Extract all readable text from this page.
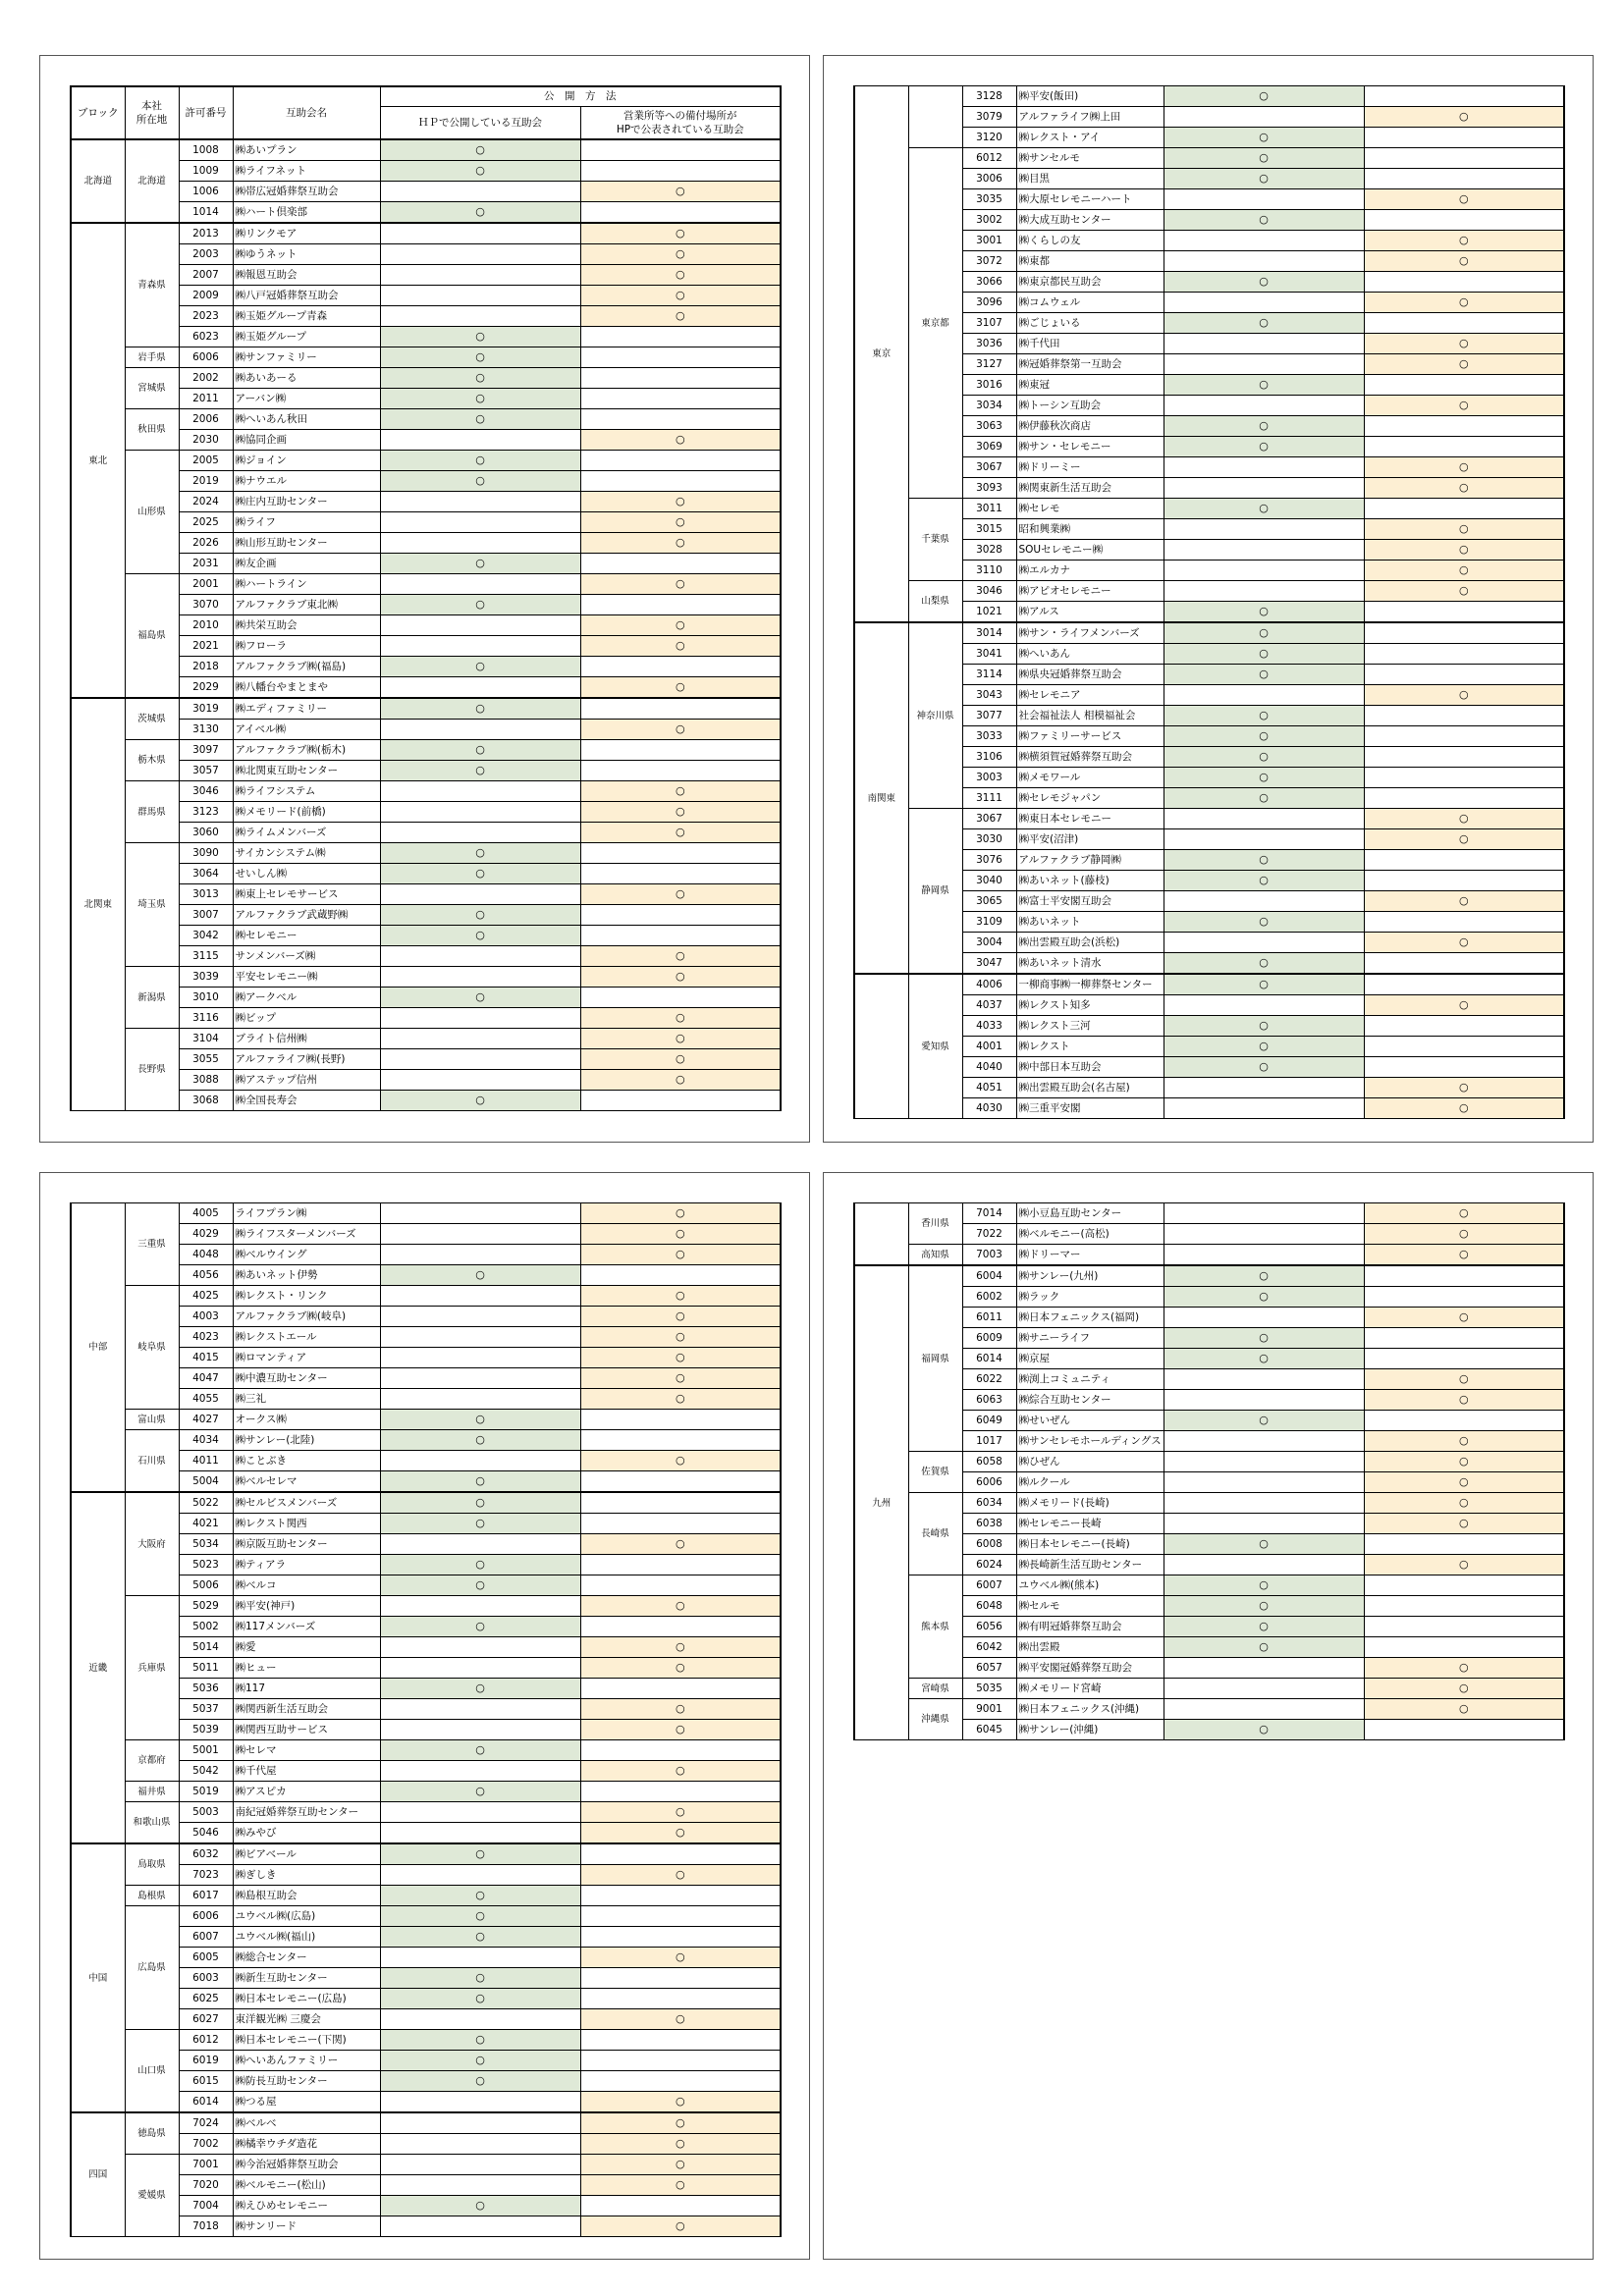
ブロック	本社
所在地	許可番号	互助会名	公　開　方　法	
				ＨＰで公開している互助会	営業所等への備付場所が
HPで公表されている互助会
北海道	北海道	1008	㈱あいプラン	○	
		1009	㈱ライフネット	○	
		1006	㈱帯広冠婚葬祭互助会		○
		1014	㈱ハート倶楽部	○	
東北	青森県	2013	㈱リンクモア		○
		2003	㈱ゆうネット		○
		2007	㈱報恩互助会		○
		2009	㈱八戸冠婚葬祭互助会		○
		2023	㈱玉姫グループ青森		○
		6023	㈱玉姫グループ	○	
	岩手県	6006	㈱サンファミリー	○	
	宮城県	2002	㈱あいあーる	○	
		2011	アーバン㈱	○	
	秋田県	2006	㈱へいあん秋田	○	
		2030	㈱協同企画		○
	山形県	2005	㈱ジョイン	○	
		2019	㈱ナウエル	○	
		2024	㈱庄内互助センター		○
		2025	㈱ライフ		○
		2026	㈱山形互助センター		○
		2031	㈱友企画	○	
	福島県	2001	㈱ハートライン		○
		3070	アルファクラブ東北㈱	○	
		2010	㈱共栄互助会		○
		2021	㈱フローラ		○
		2018	アルファクラブ㈱(福島)	○	
		2029	㈱八幡台やまとまや		○
北関東	茨城県	3019	㈱エディファミリー	○	
		3130	アイベル㈱		○
	栃木県	3097	アルファクラブ㈱(栃木)	○	
		3057	㈱北関東互助センター	○	
	群馬県	3046	㈱ライフシステム		○
		3123	㈱メモリード(前橋)		○
		3060	㈱ライムメンバーズ		○
	埼玉県	3090	サイカンシステム㈱	○	
		3064	せいしん㈱	○	
		3013	㈱東上セレモサービス		○
		3007	アルファクラブ武蔵野㈱	○	
		3042	㈱セレモニー	○	
		3115	サンメンバーズ㈱		○
	新潟県	3039	平安セレモニー㈱		○
		3010	㈱アークベル	○	
		3116	㈱ビップ		○
	長野県	3104	ブライト信州㈱		○
		3055	アルファライフ㈱(長野)		○
		3088	㈱アステップ信州		○
		3068	㈱全国長寿会	○	
東京		3128	㈱平安(飯田)	○	
		3079	アルファライフ㈱上田		○
		3120	㈱レクスト・アイ	○	
	東京都	6012	㈱サンセルモ	○	
		3006	㈱目黒	○	
		3035	㈱大原セレモニーハート		○
		3002	㈱大成互助センター	○	
		3001	㈱くらしの友		○
		3072	㈱東都		○
		3066	㈱東京都民互助会	○	
		3096	㈱コムウェル		○
		3107	㈱ごじょいる	○	
		3036	㈱千代田		○
		3127	㈱冠婚葬祭第一互助会		○
		3016	㈱東冠	○	
		3034	㈱トーシン互助会		○
		3063	㈱伊藤秋次商店	○	
		3069	㈱サン・セレモニー	○	
		3067	㈱ドリーミー		○
		3093	㈱関東新生活互助会		○
	千葉県	3011	㈱セレモ	○	
		3015	昭和興業㈱		○
		3028	SOUセレモニー㈱		○
		3110	㈱エルカナ		○
	山梨県	3046	㈱アピオセレモニー		○
		1021	㈱アルス	○	
南関東	神奈川県	3014	㈱サン・ライフメンバーズ	○	
		3041	㈱へいあん	○	
		3114	㈱県央冠婚葬祭互助会	○	
		3043	㈱セレモニア		○
		3077	社会福祉法人 相模福祉会	○	
		3033	㈱ファミリーサービス	○	
		3106	㈱横須賀冠婚葬祭互助会	○	
		3003	㈱メモワール	○	
		3111	㈱セレモジャパン	○	
	静岡県	3067	㈱東日本セレモニー		○
		3030	㈱平安(沼津)		○
		3076	アルファクラブ静岡㈱	○	
		3040	㈱あいネット(藤枝)	○	
		3065	㈱富士平安閣互助会		○
		3109	㈱あいネット	○	
		3004	㈱出雲殿互助会(浜松)		○
		3047	㈱あいネット清水	○	
	愛知県	4006	一柳商事㈱一柳葬祭センター	○	
		4037	㈱レクスト知多		○
		4033	㈱レクスト三河	○	
		4001	㈱レクスト	○	
		4040	㈱中部日本互助会	○	
		4051	㈱出雲殿互助会(名古屋)		○
		4030	㈱三重平安閣		○
中部	三重県	4005	ライフプラン㈱		○
		4029	㈱ライフスターメンバーズ		○
		4048	㈱ベルウイング		○
		4056	㈱あいネット伊勢	○	
	岐阜県	4025	㈱レクスト・リンク		○
		4003	アルファクラブ㈱(岐阜)		○
		4023	㈱レクストエール		○
		4015	㈱ロマンティア		○
		4047	㈱中濃互助センター		○
		4055	㈱三礼		○
	富山県	4027	オークス㈱	○	
	石川県	4034	㈱サンレー(北陸)	○	
		4011	㈱ことぶき		○
		5004	㈱ベルセレマ	○	
近畿	大阪府	5022	㈱セルビスメンバーズ	○	
		4021	㈱レクスト関西	○	
		5034	㈱京阪互助センター		○
		5023	㈱ティアラ	○	
		5006	㈱ベルコ	○	
	兵庫県	5029	㈱平安(神戸)		○
		5002	㈱117メンバーズ	○	
		5014	㈱愛		○
		5011	㈱ヒュー		○
		5036	㈱117	○	
		5037	㈱関西新生活互助会		○
		5039	㈱関西互助サービス		○
	京都府	5001	㈱セレマ	○	
		5042	㈱千代屋		○
	福井県	5019	㈱アスピカ	○	
	和歌山県	5003	南紀冠婚葬祭互助センター		○
		5046	㈱みやび		○
中国	鳥取県	6032	㈱ビアベール	○	
		7023	㈱ぎしき		○
	島根県	6017	㈱島根互助会	○	
	広島県	6006	ユウベル㈱(広島)	○	
		6007	ユウベル㈱(福山)	○	
		6005	㈱総合センター		○
		6003	㈱新生互助センター	○	
		6025	㈱日本セレモニー(広島)	○	
		6027	東洋観光㈱ 三慶会		○
	山口県	6012	㈱日本セレモニー(下関)	○	
		6019	㈱へいあんファミリー	○	
		6015	㈱防長互助センター	○	
		6014	㈱つる屋		○
四国	徳島県	7024	㈱ベルベ		○
		7002	㈱橘幸ウチダ造花		○
	愛媛県	7001	㈱今治冠婚葬祭互助会		○
		7020	㈱ベルモニー(松山)		○
		7004	㈱えひめセレモニー	○	
		7018	㈱サンリード		○
	香川県	7014	㈱小豆島互助センター		○
		7022	㈱ベルモニー(高松)		○
	高知県	7003	㈱ドリーマー		○
九州	福岡県	6004	㈱サンレー(九州)	○	
		6002	㈱ラック	○	
		6011	㈱日本フェニックス(福岡)		○
		6009	㈱サニーライフ	○	
		6014	㈱京屋	○	
		6022	㈱渕上コミュニティ		○
		6063	㈱綜合互助センター		○
		6049	㈱せいぜん	○	
		1017	㈱サンセレモホールディングス		○
	佐賀県	6058	㈱ひぜん		○
		6006	㈱ルクール		○
	長崎県	6034	㈱メモリード(長崎)		○
		6038	㈱セレモニー長崎		○
		6008	㈱日本セレモニー(長崎)	○	
		6024	㈱長崎新生活互助センター		○
	熊本県	6007	ユウベル㈱(熊本)	○	
		6048	㈱セルモ	○	
		6056	㈱有明冠婚葬祭互助会	○	
		6042	㈱出雲殿	○	
		6057	㈱平安閣冠婚葬祭互助会		○
	宮崎県	5035	㈱メモリード宮崎		○
	沖縄県	9001	㈱日本フェニックス(沖縄)		○
		6045	㈱サンレー(沖縄)	○	
